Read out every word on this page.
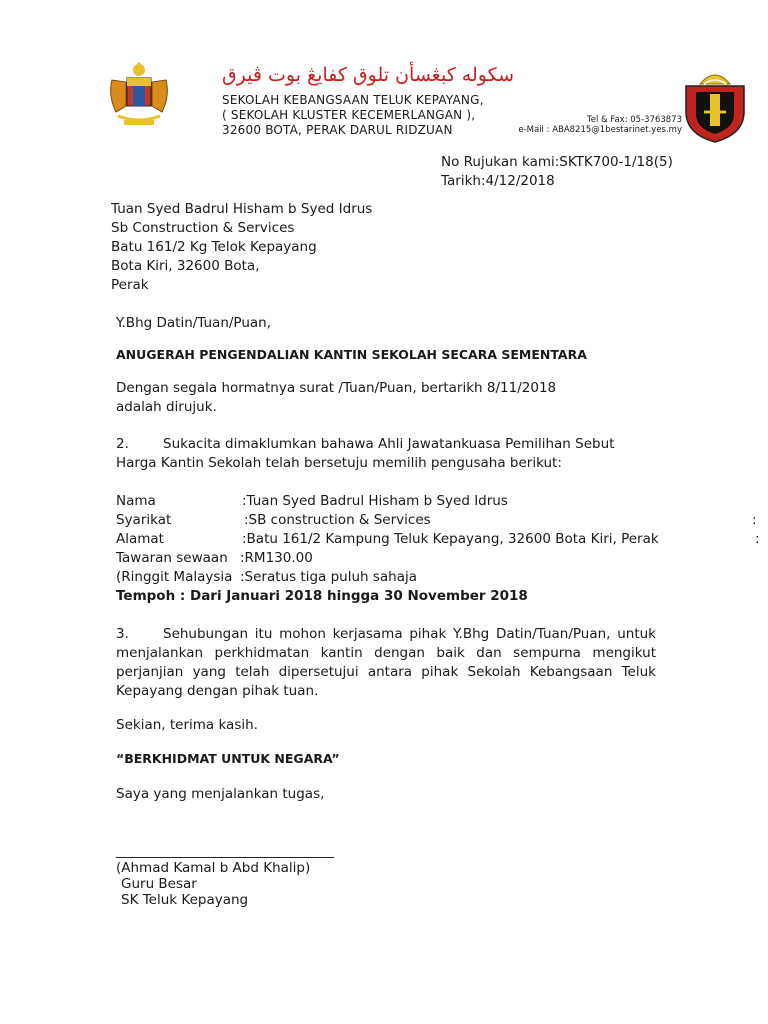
سكوله كبڠسأن تلوق كفايڠ بوت ڤيرق
SEKOLAH KEBANGSAAN TELUK KEPAYANG,
( SEKOLAH KLUSTER KECEMERLANGAN ),
32600 BOTA, PERAK DARUL RIDZUAN
Tel & Fax: 05-3763873
e-Mail : ABA8215@1bestarinet.yes.my
No Rujukan kami:SKTK700-1/18(5)
Tarikh:4/12/2018
Tuan Syed Badrul Hisham b Syed Idrus
Sb Construction & Services
Batu 161/2 Kg Telok Kepayang
Bota Kiri, 32600 Bota,
Perak
Y.Bhg Datin/Tuan/Puan,
ANUGERAH PENGENDALIAN KANTIN SEKOLAH SECARA SEMENTARA
Dengan segala hormatnya surat /Tuan/Puan, bertarikh 8/11/2018
adalah dirujuk.
2.	Sukacita dimaklumkan bahawa Ahli Jawatankuasa Pemilihan Sebut
Harga Kantin Sekolah telah bersetuju memilih pengusaha berikut:
Nama	:Tuan Syed Badrul Hisham b Syed Idrus
Syarikat	:SB construction & Services	:
Alamat	:Batu 161/2 Kampung Teluk Kepayang, 32600 Bota Kiri, Perak	:
Tawaran sewaan :RM130.00
(Ringgit Malaysia :Seratus tiga puluh sahaja
Tempoh : Dari Januari 2018 hingga 30 November 2018
3.	Sehubungan itu mohon kerjasama pihak Y.Bhg Datin/Tuan/Puan, untuk
menjalankan perkhidmatan kantin dengan baik dan sempurna mengikut
perjanjian yang telah dipersetujui antara pihak Sekolah Kebangsaan Teluk
Kepayang dengan pihak tuan.
Sekian, terima kasih.
“BERKHIDMAT UNTUK NEGARA”
Saya yang menjalankan tugas,
(Ahmad Kamal b Abd Khalip)
Guru Besar
SK Teluk Kepayang
